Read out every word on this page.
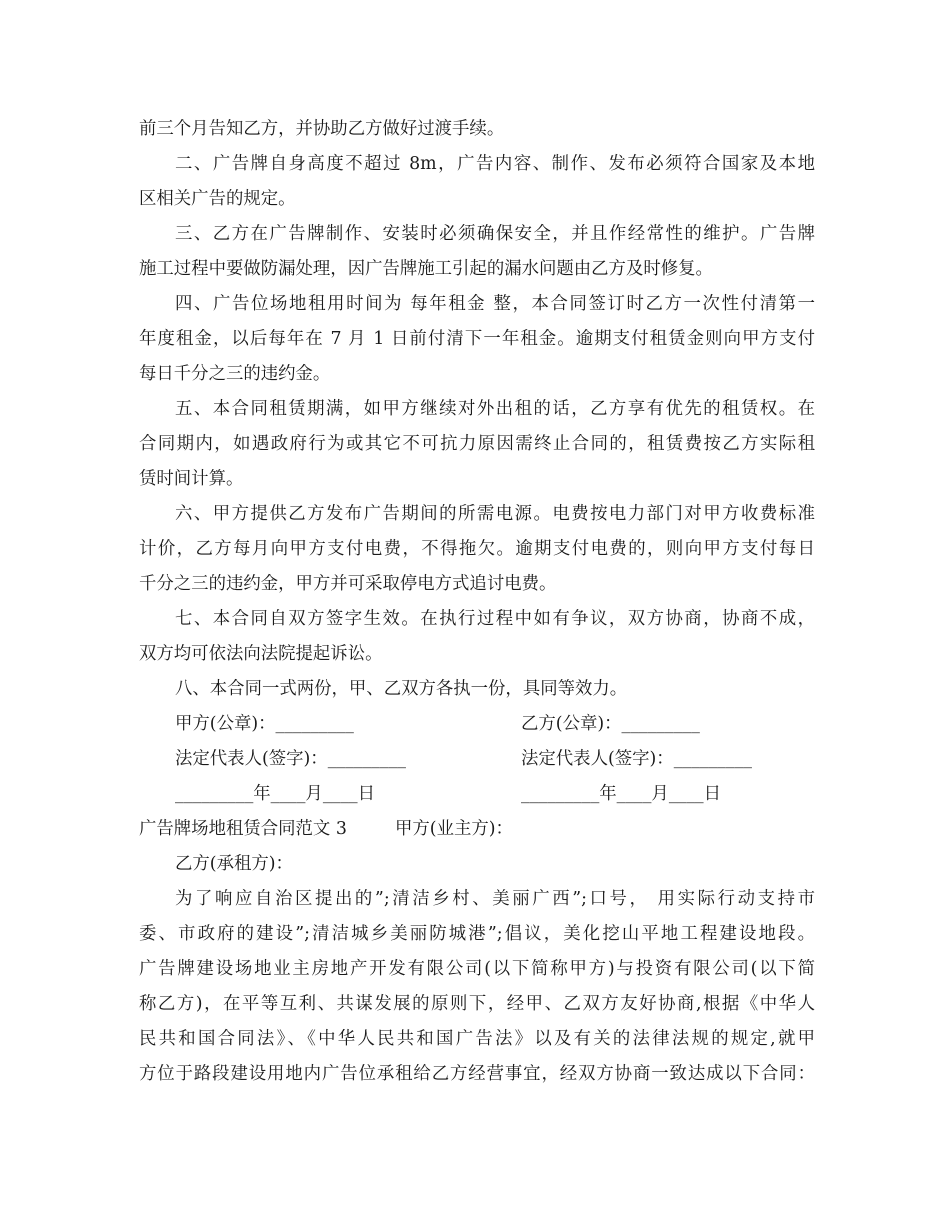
前三个月告知乙方，并协助乙方做好过渡手续。
二、广告牌自身高度不超过 8m，广告内容、制作、发布必须符合国家及本地
区相关广告的规定。
三、乙方在广告牌制作、安装时必须确保安全，并且作经常性的维护。广告牌
施工过程中要做防漏处理，因广告牌施工引起的漏水问题由乙方及时修复。
四、广告位场地租用时间为 每年租金 整，本合同签订时乙方一次性付清第一
年度租金，以后每年在 7 月 1 日前付清下一年租金。逾期支付租赁金则向甲方支付
每日千分之三的违约金。
五、本合同租赁期满，如甲方继续对外出租的话，乙方享有优先的租赁权。在
合同期内，如遇政府行为或其它不可抗力原因需终止合同的，租赁费按乙方实际租
赁时间计算。
六、甲方提供乙方发布广告期间的所需电源。电费按电力部门对甲方收费标准
计价，乙方每月向甲方支付电费，不得拖欠。逾期支付电费的，则向甲方支付每日
千分之三的违约金，甲方并可采取停电方式追讨电费。
七、本合同自双方签字生效。在执行过程中如有争议，双方协商，协商不成，
双方均可依法向法院提起诉讼。
八、本合同一式两份，甲、乙双方各执一份，具同等效力。
甲方(公章)：_________	乙方(公章)：_________
法定代表人(签字)：_________	法定代表人(签字)：_________
_________年____月____日	_________年____月____日
广告牌场地租赁合同范文 3	甲方(业主方)：
乙方(承租方)：
为了响应自治区提出的”;清洁乡村、美丽广西”;口号， 用实际行动支持市
委、市政府的建设”;清洁城乡美丽防城港”;倡议，美化挖山平地工程建设地段。
广告牌建设场地业主房地产开发有限公司(以下简称甲方)与投资有限公司(以下简
称乙方)，在平等互利、共谋发展的原则下，经甲、乙双方友好协商,根据《中华人
民共和国合同法》、《中华人民共和国广告法》以及有关的法律法规的规定,就甲
方位于路段建设用地内广告位承租给乙方经营事宜，经双方协商一致达成以下合同：
